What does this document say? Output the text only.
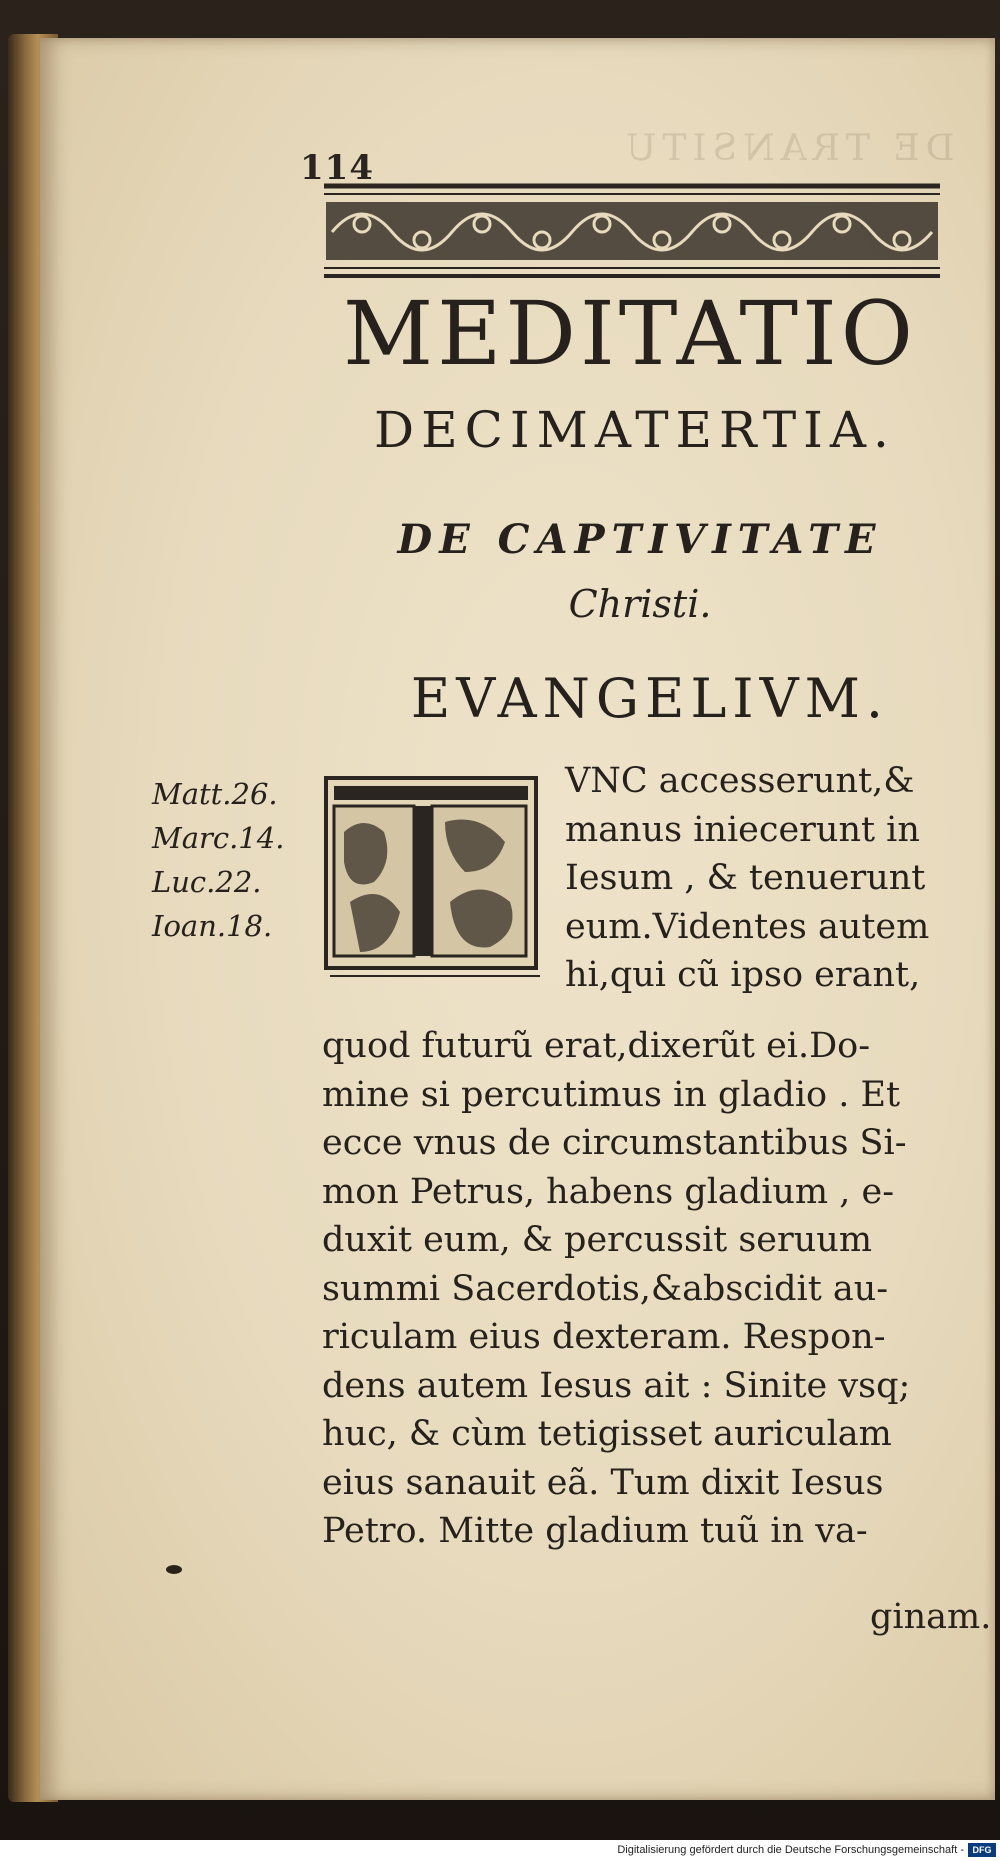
DE TRANSITU
114
MEDITATIO
DECIMATERTIA.
DE CAPTIVITATE
Christi.
EVANGELIVM.
Matt.26.
Marc.14.
Luc.22.
Ioan.18.
VNC accesserunt,&
manus iniecerunt in
Iesum , & tenuerunt
eum.Videntes autem
hi,qui cũ ipso erant,
quod futurũ erat,dixerũt ei.Do-
mine si percutimus in gladio . Et
ecce vnus de circumstantibus Si-
mon Petrus, habens gladium , e-
duxit eum, & percussit seruum
summi Sacerdotis,&abscidit au-
riculam eius dexteram. Respon-
dens autem Iesus ait : Sinite vsq;
huc, & cùm tetigisset auriculam
eius sanauit eã. Tum dixit Iesus
Petro. Mitte gladium tuũ in va-
ginam.
Digitalisierung gefördert durch die Deutsche Forschungsgemeinschaft - DFG
